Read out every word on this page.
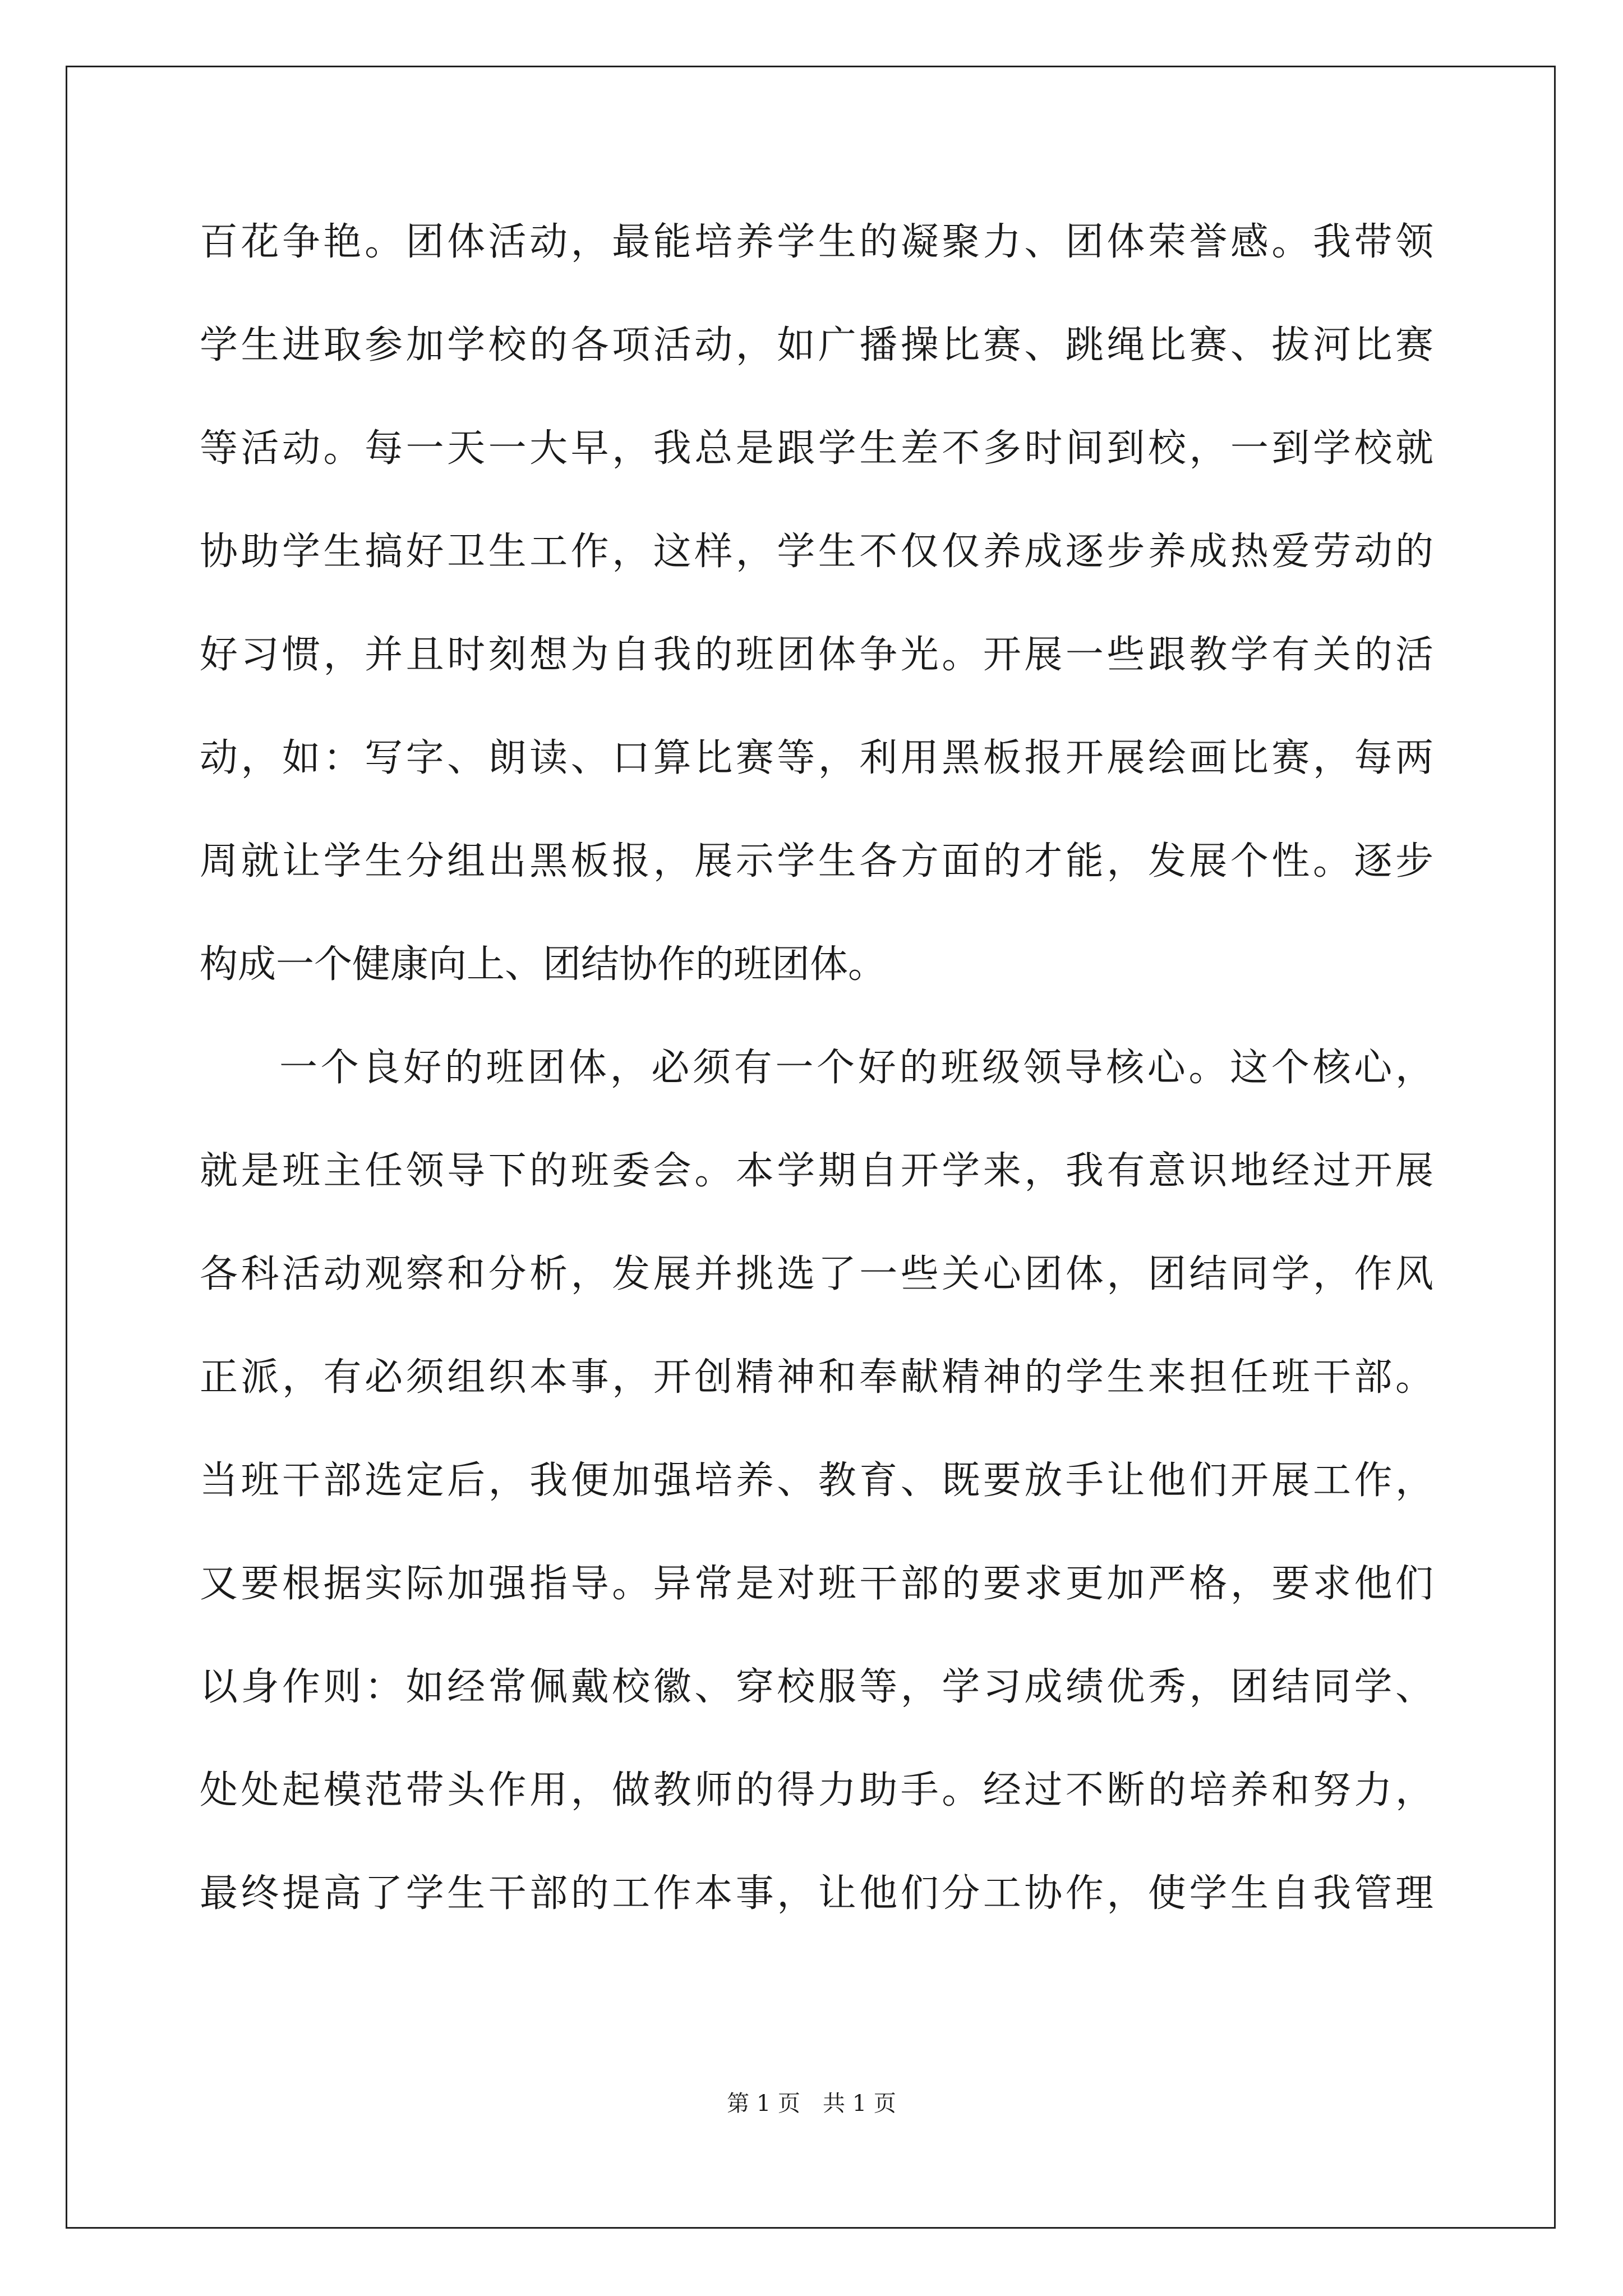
百花争艳。团体活动，最能培养学生的凝聚力、团体荣誉感。我带领
学生进取参加学校的各项活动，如广播操比赛、跳绳比赛、拔河比赛
等活动。每一天一大早，我总是跟学生差不多时间到校，一到学校就
协助学生搞好卫生工作，这样，学生不仅仅养成逐步养成热爱劳动的
好习惯，并且时刻想为自我的班团体争光。开展一些跟教学有关的活
动，如：写字、朗读、口算比赛等，利用黑板报开展绘画比赛，每两
周就让学生分组出黑板报，展示学生各方面的才能，发展个性。逐步
构成一个健康向上、团结协作的班团体。
一个良好的班团体，必须有一个好的班级领导核心。这个核心，
就是班主任领导下的班委会。本学期自开学来，我有意识地经过开展
各科活动观察和分析，发展并挑选了一些关心团体，团结同学，作风
正派，有必须组织本事，开创精神和奉献精神的学生来担任班干部。
当班干部选定后，我便加强培养、教育、既要放手让他们开展工作，
又要根据实际加强指导。异常是对班干部的要求更加严格，要求他们
以身作则：如经常佩戴校徽、穿校服等，学习成绩优秀，团结同学、
处处起模范带头作用，做教师的得力助手。经过不断的培养和努力，
最终提高了学生干部的工作本事，让他们分工协作，使学生自我管理
第 1 页　共 1 页
